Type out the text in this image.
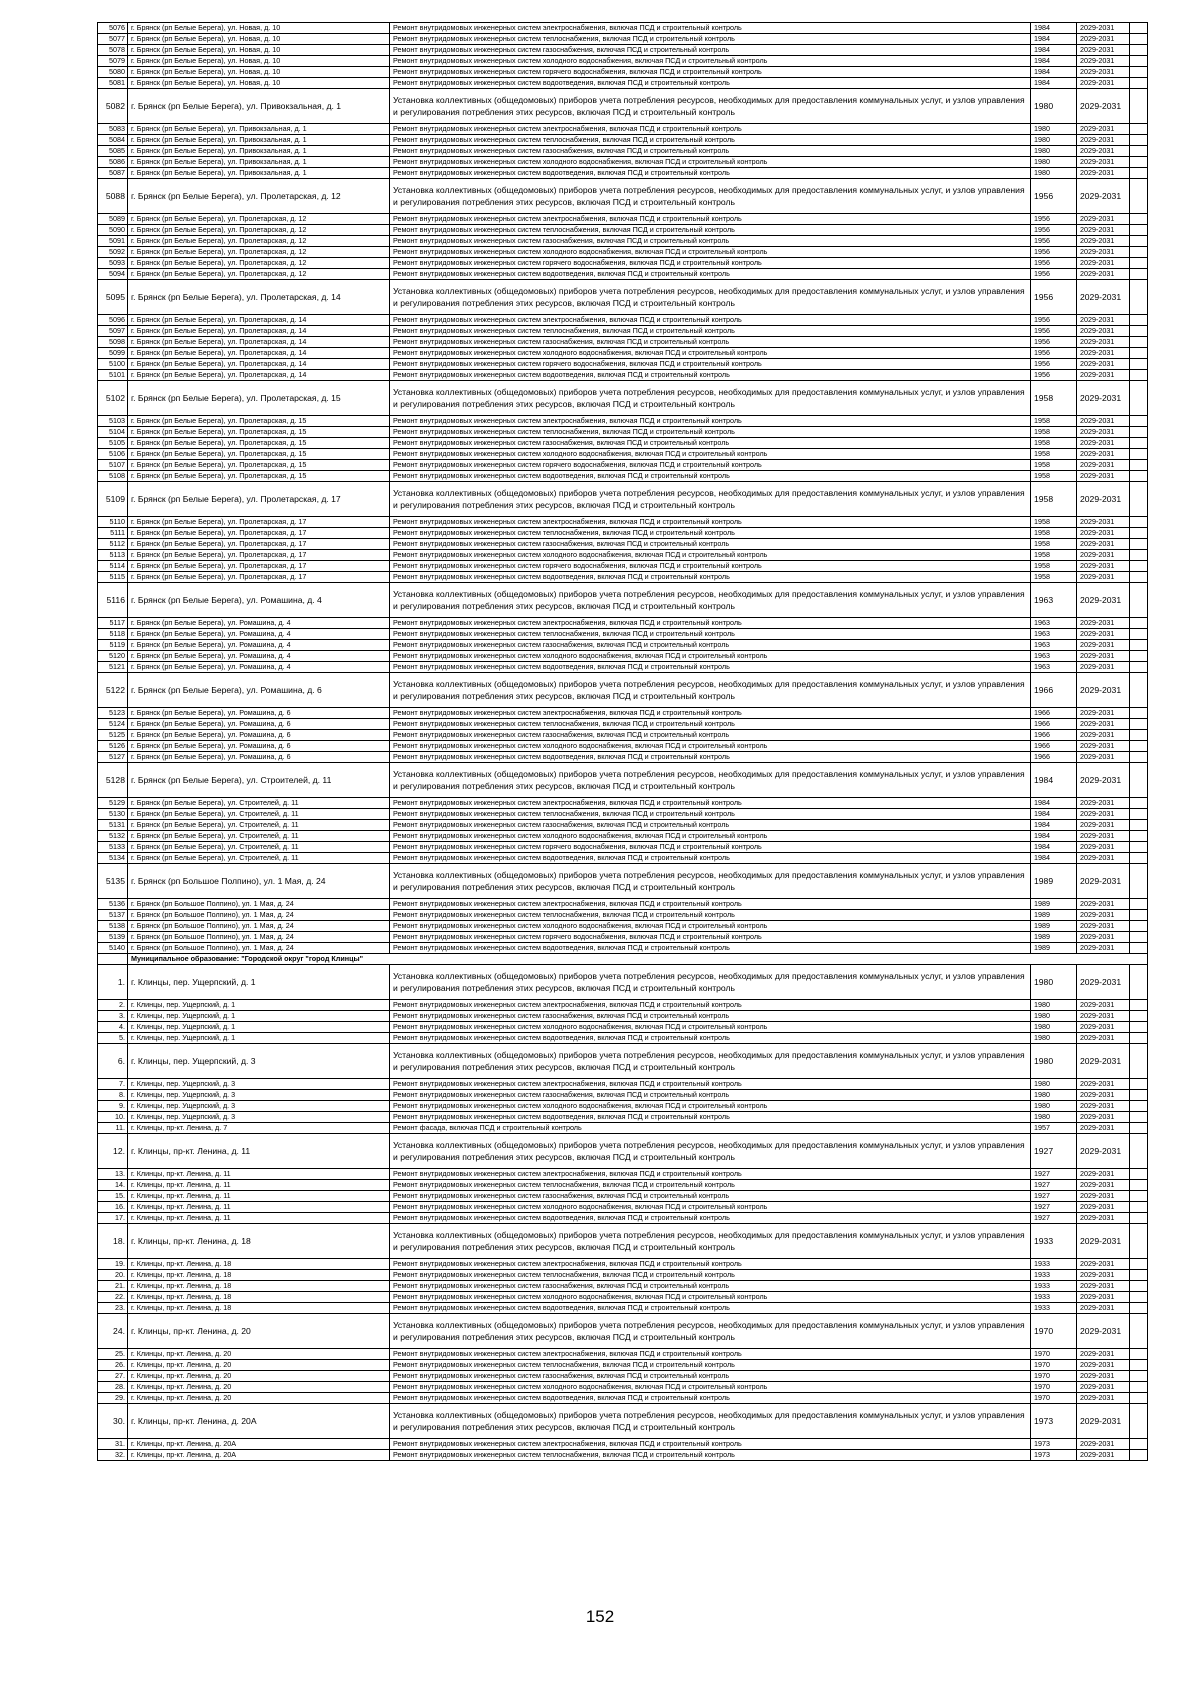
5076	г. Брянск (рп Белые Берега), ул. Новая, д. 10	Ремонт внутридомовых инженерных систем электроснабжения, включая ПСД и строительный контроль	1984	2029-2031	
5077	г. Брянск (рп Белые Берега), ул. Новая, д. 10	Ремонт внутридомовых инженерных систем теплоснабжения, включая ПСД и строительный контроль	1984	2029-2031	
5078	г. Брянск (рп Белые Берега), ул. Новая, д. 10	Ремонт внутридомовых инженерных систем газоснабжения, включая ПСД и строительный контроль	1984	2029-2031	
5079	г. Брянск (рп Белые Берега), ул. Новая, д. 10	Ремонт внутридомовых инженерных систем холодного водоснабжения, включая ПСД и строительный контроль	1984	2029-2031	
5080	г. Брянск (рп Белые Берега), ул. Новая, д. 10	Ремонт внутридомовых инженерных систем горячего водоснабжения, включая ПСД и строительный контроль	1984	2029-2031	
5081	г. Брянск (рп Белые Берега), ул. Новая, д. 10	Ремонт внутридомовых инженерных систем водоотведения, включая ПСД и строительный контроль	1984	2029-2031	
5082	г. Брянск (рп Белые Берега), ул. Привокзальная, д. 1	Установка коллективных (общедомовых) приборов учета потребления ресурсов, необходимых для предоставления коммунальных услуг, и узлов управления и регулирования потребления этих ресурсов, включая ПСД и строительный контроль	1980	2029-2031	
5083	г. Брянск (рп Белые Берега), ул. Привокзальная, д. 1	Ремонт внутридомовых инженерных систем электроснабжения, включая ПСД и строительный контроль	1980	2029-2031	
5084	г. Брянск (рп Белые Берега), ул. Привокзальная, д. 1	Ремонт внутридомовых инженерных систем теплоснабжения, включая ПСД и строительный контроль	1980	2029-2031	
5085	г. Брянск (рп Белые Берега), ул. Привокзальная, д. 1	Ремонт внутридомовых инженерных систем газоснабжения, включая ПСД и строительный контроль	1980	2029-2031	
5086	г. Брянск (рп Белые Берега), ул. Привокзальная, д. 1	Ремонт внутридомовых инженерных систем холодного водоснабжения, включая ПСД и строительный контроль	1980	2029-2031	
5087	г. Брянск (рп Белые Берега), ул. Привокзальная, д. 1	Ремонт внутридомовых инженерных систем водоотведения, включая ПСД и строительный контроль	1980	2029-2031	
5088	г. Брянск (рп Белые Берега), ул. Пролетарская, д. 12	Установка коллективных (общедомовых) приборов учета потребления ресурсов, необходимых для предоставления коммунальных услуг, и узлов управления и регулирования потребления этих ресурсов, включая ПСД и строительный контроль	1956	2029-2031	
5089	г. Брянск (рп Белые Берега), ул. Пролетарская, д. 12	Ремонт внутридомовых инженерных систем электроснабжения, включая ПСД и строительный контроль	1956	2029-2031	
5090	г. Брянск (рп Белые Берега), ул. Пролетарская, д. 12	Ремонт внутридомовых инженерных систем теплоснабжения, включая ПСД и строительный контроль	1956	2029-2031	
5091	г. Брянск (рп Белые Берега), ул. Пролетарская, д. 12	Ремонт внутридомовых инженерных систем газоснабжения, включая ПСД и строительный контроль	1956	2029-2031	
5092	г. Брянск (рп Белые Берега), ул. Пролетарская, д. 12	Ремонт внутридомовых инженерных систем холодного водоснабжения, включая ПСД и строительный контроль	1956	2029-2031	
5093	г. Брянск (рп Белые Берега), ул. Пролетарская, д. 12	Ремонт внутридомовых инженерных систем горячего водоснабжения, включая ПСД и строительный контроль	1956	2029-2031	
5094	г. Брянск (рп Белые Берега), ул. Пролетарская, д. 12	Ремонт внутридомовых инженерных систем водоотведения, включая ПСД и строительный контроль	1956	2029-2031	
5095	г. Брянск (рп Белые Берега), ул. Пролетарская, д. 14	Установка коллективных (общедомовых) приборов учета потребления ресурсов, необходимых для предоставления коммунальных услуг, и узлов управления и регулирования потребления этих ресурсов, включая ПСД и строительный контроль	1956	2029-2031	
5096	г. Брянск (рп Белые Берега), ул. Пролетарская, д. 14	Ремонт внутридомовых инженерных систем электроснабжения, включая ПСД и строительный контроль	1956	2029-2031	
5097	г. Брянск (рп Белые Берега), ул. Пролетарская, д. 14	Ремонт внутридомовых инженерных систем теплоснабжения, включая ПСД и строительный контроль	1956	2029-2031	
5098	г. Брянск (рп Белые Берега), ул. Пролетарская, д. 14	Ремонт внутридомовых инженерных систем газоснабжения, включая ПСД и строительный контроль	1956	2029-2031	
5099	г. Брянск (рп Белые Берега), ул. Пролетарская, д. 14	Ремонт внутридомовых инженерных систем холодного водоснабжения, включая ПСД и строительный контроль	1956	2029-2031	
5100	г. Брянск (рп Белые Берега), ул. Пролетарская, д. 14	Ремонт внутридомовых инженерных систем горячего водоснабжения, включая ПСД и строительный контроль	1956	2029-2031	
5101	г. Брянск (рп Белые Берега), ул. Пролетарская, д. 14	Ремонт внутридомовых инженерных систем водоотведения, включая ПСД и строительный контроль	1956	2029-2031	
5102	г. Брянск (рп Белые Берега), ул. Пролетарская, д. 15	Установка коллективных (общедомовых) приборов учета потребления ресурсов, необходимых для предоставления коммунальных услуг, и узлов управления и регулирования потребления этих ресурсов, включая ПСД и строительный контроль	1958	2029-2031	
5103	г. Брянск (рп Белые Берега), ул. Пролетарская, д. 15	Ремонт внутридомовых инженерных систем электроснабжения, включая ПСД и строительный контроль	1958	2029-2031	
5104	г. Брянск (рп Белые Берега), ул. Пролетарская, д. 15	Ремонт внутридомовых инженерных систем теплоснабжения, включая ПСД и строительный контроль	1958	2029-2031	
5105	г. Брянск (рп Белые Берега), ул. Пролетарская, д. 15	Ремонт внутридомовых инженерных систем газоснабжения, включая ПСД и строительный контроль	1958	2029-2031	
5106	г. Брянск (рп Белые Берега), ул. Пролетарская, д. 15	Ремонт внутридомовых инженерных систем холодного водоснабжения, включая ПСД и строительный контроль	1958	2029-2031	
5107	г. Брянск (рп Белые Берега), ул. Пролетарская, д. 15	Ремонт внутридомовых инженерных систем горячего водоснабжения, включая ПСД и строительный контроль	1958	2029-2031	
5108	г. Брянск (рп Белые Берега), ул. Пролетарская, д. 15	Ремонт внутридомовых инженерных систем водоотведения, включая ПСД и строительный контроль	1958	2029-2031	
5109	г. Брянск (рп Белые Берега), ул. Пролетарская, д. 17	Установка коллективных (общедомовых) приборов учета потребления ресурсов, необходимых для предоставления коммунальных услуг, и узлов управления и регулирования потребления этих ресурсов, включая ПСД и строительный контроль	1958	2029-2031	
5110	г. Брянск (рп Белые Берега), ул. Пролетарская, д. 17	Ремонт внутридомовых инженерных систем электроснабжения, включая ПСД и строительный контроль	1958	2029-2031	
5111	г. Брянск (рп Белые Берега), ул. Пролетарская, д. 17	Ремонт внутридомовых инженерных систем теплоснабжения, включая ПСД и строительный контроль	1958	2029-2031	
5112	г. Брянск (рп Белые Берега), ул. Пролетарская, д. 17	Ремонт внутридомовых инженерных систем газоснабжения, включая ПСД и строительный контроль	1958	2029-2031	
5113	г. Брянск (рп Белые Берега), ул. Пролетарская, д. 17	Ремонт внутридомовых инженерных систем холодного водоснабжения, включая ПСД и строительный контроль	1958	2029-2031	
5114	г. Брянск (рп Белые Берега), ул. Пролетарская, д. 17	Ремонт внутридомовых инженерных систем горячего водоснабжения, включая ПСД и строительный контроль	1958	2029-2031	
5115	г. Брянск (рп Белые Берега), ул. Пролетарская, д. 17	Ремонт внутридомовых инженерных систем водоотведения, включая ПСД и строительный контроль	1958	2029-2031	
5116	г. Брянск (рп Белые Берега), ул. Ромашина, д. 4	Установка коллективных (общедомовых) приборов учета потребления ресурсов, необходимых для предоставления коммунальных услуг, и узлов управления и регулирования потребления этих ресурсов, включая ПСД и строительный контроль	1963	2029-2031	
5117	г. Брянск (рп Белые Берега), ул. Ромашина, д. 4	Ремонт внутридомовых инженерных систем электроснабжения, включая ПСД и строительный контроль	1963	2029-2031	
5118	г. Брянск (рп Белые Берега), ул. Ромашина, д. 4	Ремонт внутридомовых инженерных систем теплоснабжения, включая ПСД и строительный контроль	1963	2029-2031	
5119	г. Брянск (рп Белые Берега), ул. Ромашина, д. 4	Ремонт внутридомовых инженерных систем газоснабжения, включая ПСД и строительный контроль	1963	2029-2031	
5120	г. Брянск (рп Белые Берега), ул. Ромашина, д. 4	Ремонт внутридомовых инженерных систем холодного водоснабжения, включая ПСД и строительный контроль	1963	2029-2031	
5121	г. Брянск (рп Белые Берега), ул. Ромашина, д. 4	Ремонт внутридомовых инженерных систем водоотведения, включая ПСД и строительный контроль	1963	2029-2031	
5122	г. Брянск (рп Белые Берега), ул. Ромашина, д. 6	Установка коллективных (общедомовых) приборов учета потребления ресурсов, необходимых для предоставления коммунальных услуг, и узлов управления и регулирования потребления этих ресурсов, включая ПСД и строительный контроль	1966	2029-2031	
5123	г. Брянск (рп Белые Берега), ул. Ромашина, д. 6	Ремонт внутридомовых инженерных систем электроснабжения, включая ПСД и строительный контроль	1966	2029-2031	
5124	г. Брянск (рп Белые Берега), ул. Ромашина, д. 6	Ремонт внутридомовых инженерных систем теплоснабжения, включая ПСД и строительный контроль	1966	2029-2031	
5125	г. Брянск (рп Белые Берега), ул. Ромашина, д. 6	Ремонт внутридомовых инженерных систем газоснабжения, включая ПСД и строительный контроль	1966	2029-2031	
5126	г. Брянск (рп Белые Берега), ул. Ромашина, д. 6	Ремонт внутридомовых инженерных систем холодного водоснабжения, включая ПСД и строительный контроль	1966	2029-2031	
5127	г. Брянск (рп Белые Берега), ул. Ромашина, д. 6	Ремонт внутридомовых инженерных систем водоотведения, включая ПСД и строительный контроль	1966	2029-2031	
5128	г. Брянск (рп Белые Берега), ул. Строителей, д. 11	Установка коллективных (общедомовых) приборов учета потребления ресурсов, необходимых для предоставления коммунальных услуг, и узлов управления и регулирования потребления этих ресурсов, включая ПСД и строительный контроль	1984	2029-2031	
5129	г. Брянск (рп Белые Берега), ул. Строителей, д. 11	Ремонт внутридомовых инженерных систем электроснабжения, включая ПСД и строительный контроль	1984	2029-2031	
5130	г. Брянск (рп Белые Берега), ул. Строителей, д. 11	Ремонт внутридомовых инженерных систем теплоснабжения, включая ПСД и строительный контроль	1984	2029-2031	
5131	г. Брянск (рп Белые Берега), ул. Строителей, д. 11	Ремонт внутридомовых инженерных систем газоснабжения, включая ПСД и строительный контроль	1984	2029-2031	
5132	г. Брянск (рп Белые Берега), ул. Строителей, д. 11	Ремонт внутридомовых инженерных систем холодного водоснабжения, включая ПСД и строительный контроль	1984	2029-2031	
5133	г. Брянск (рп Белые Берега), ул. Строителей, д. 11	Ремонт внутридомовых инженерных систем горячего водоснабжения, включая ПСД и строительный контроль	1984	2029-2031	
5134	г. Брянск (рп Белые Берега), ул. Строителей, д. 11	Ремонт внутридомовых инженерных систем водоотведения, включая ПСД и строительный контроль	1984	2029-2031	
5135	г. Брянск (рп Большое Полпино), ул. 1 Мая, д. 24	Установка коллективных (общедомовых) приборов учета потребления ресурсов, необходимых для предоставления коммунальных услуг, и узлов управления и регулирования потребления этих ресурсов, включая ПСД и строительный контроль	1989	2029-2031	
5136	г. Брянск (рп Большое Полпино), ул. 1 Мая, д. 24	Ремонт внутридомовых инженерных систем электроснабжения, включая ПСД и строительный контроль	1989	2029-2031	
5137	г. Брянск (рп Большое Полпино), ул. 1 Мая, д. 24	Ремонт внутридомовых инженерных систем теплоснабжения, включая ПСД и строительный контроль	1989	2029-2031	
5138	г. Брянск (рп Большое Полпино), ул. 1 Мая, д. 24	Ремонт внутридомовых инженерных систем холодного водоснабжения, включая ПСД и строительный контроль	1989	2029-2031	
5139	г. Брянск (рп Большое Полпино), ул. 1 Мая, д. 24	Ремонт внутридомовых инженерных систем горячего водоснабжения, включая ПСД и строительный контроль	1989	2029-2031	
5140	г. Брянск (рп Большое Полпино), ул. 1 Мая, д. 24	Ремонт внутридомовых инженерных систем водоотведения, включая ПСД и строительный контроль	1989	2029-2031	
	Муниципальное образование: "Городской округ "город Клинцы"				
1.	г. Клинцы, пер. Ущерпский, д. 1	Установка коллективных (общедомовых) приборов учета потребления ресурсов, необходимых для предоставления коммунальных услуг, и узлов управления и регулирования потребления этих ресурсов, включая ПСД и строительный контроль	1980	2029-2031	
2.	г. Клинцы, пер. Ущерпский, д. 1	Ремонт внутридомовых инженерных систем электроснабжения, включая ПСД и строительный контроль	1980	2029-2031	
3.	г. Клинцы, пер. Ущерпский, д. 1	Ремонт внутридомовых инженерных систем газоснабжения, включая ПСД и строительный контроль	1980	2029-2031	
4.	г. Клинцы, пер. Ущерпский, д. 1	Ремонт внутридомовых инженерных систем холодного водоснабжения, включая ПСД и строительный контроль	1980	2029-2031	
5.	г. Клинцы, пер. Ущерпский, д. 1	Ремонт внутридомовых инженерных систем водоотведения, включая ПСД и строительный контроль	1980	2029-2031	
6.	г. Клинцы, пер. Ущерпский, д. 3	Установка коллективных (общедомовых) приборов учета потребления ресурсов, необходимых для предоставления коммунальных услуг, и узлов управления и регулирования потребления этих ресурсов, включая ПСД и строительный контроль	1980	2029-2031	
7.	г. Клинцы, пер. Ущерпский, д. 3	Ремонт внутридомовых инженерных систем электроснабжения, включая ПСД и строительный контроль	1980	2029-2031	
8.	г. Клинцы, пер. Ущерпский, д. 3	Ремонт внутридомовых инженерных систем газоснабжения, включая ПСД и строительный контроль	1980	2029-2031	
9.	г. Клинцы, пер. Ущерпский, д. 3	Ремонт внутридомовых инженерных систем холодного водоснабжения, включая ПСД и строительный контроль	1980	2029-2031	
10.	г. Клинцы, пер. Ущерпский, д. 3	Ремонт внутридомовых инженерных систем водоотведения, включая ПСД и строительный контроль	1980	2029-2031	
11.	г. Клинцы, пр-кт. Ленина, д. 7	Ремонт фасада, включая ПСД и строительный контроль	1957	2029-2031	
12.	г. Клинцы, пр-кт. Ленина, д. 11	Установка коллективных (общедомовых) приборов учета потребления ресурсов, необходимых для предоставления коммунальных услуг, и узлов управления и регулирования потребления этих ресурсов, включая ПСД и строительный контроль	1927	2029-2031	
13.	г. Клинцы, пр-кт. Ленина, д. 11	Ремонт внутридомовых инженерных систем электроснабжения, включая ПСД и строительный контроль	1927	2029-2031	
14.	г. Клинцы, пр-кт. Ленина, д. 11	Ремонт внутридомовых инженерных систем теплоснабжения, включая ПСД и строительный контроль	1927	2029-2031	
15.	г. Клинцы, пр-кт. Ленина, д. 11	Ремонт внутридомовых инженерных систем газоснабжения, включая ПСД и строительный контроль	1927	2029-2031	
16.	г. Клинцы, пр-кт. Ленина, д. 11	Ремонт внутридомовых инженерных систем холодного водоснабжения, включая ПСД и строительный контроль	1927	2029-2031	
17.	г. Клинцы, пр-кт. Ленина, д. 11	Ремонт внутридомовых инженерных систем водоотведения, включая ПСД и строительный контроль	1927	2029-2031	
18.	г. Клинцы, пр-кт. Ленина, д. 18	Установка коллективных (общедомовых) приборов учета потребления ресурсов, необходимых для предоставления коммунальных услуг, и узлов управления и регулирования потребления этих ресурсов, включая ПСД и строительный контроль	1933	2029-2031	
19.	г. Клинцы, пр-кт. Ленина, д. 18	Ремонт внутридомовых инженерных систем электроснабжения, включая ПСД и строительный контроль	1933	2029-2031	
20.	г. Клинцы, пр-кт. Ленина, д. 18	Ремонт внутридомовых инженерных систем теплоснабжения, включая ПСД и строительный контроль	1933	2029-2031	
21.	г. Клинцы, пр-кт. Ленина, д. 18	Ремонт внутридомовых инженерных систем газоснабжения, включая ПСД и строительный контроль	1933	2029-2031	
22.	г. Клинцы, пр-кт. Ленина, д. 18	Ремонт внутридомовых инженерных систем холодного водоснабжения, включая ПСД и строительный контроль	1933	2029-2031	
23.	г. Клинцы, пр-кт. Ленина, д. 18	Ремонт внутридомовых инженерных систем водоотведения, включая ПСД и строительный контроль	1933	2029-2031	
24.	г. Клинцы, пр-кт. Ленина, д. 20	Установка коллективных (общедомовых) приборов учета потребления ресурсов, необходимых для предоставления коммунальных услуг, и узлов управления и регулирования потребления этих ресурсов, включая ПСД и строительный контроль	1970	2029-2031	
25.	г. Клинцы, пр-кт. Ленина, д. 20	Ремонт внутридомовых инженерных систем электроснабжения, включая ПСД и строительный контроль	1970	2029-2031	
26.	г. Клинцы, пр-кт. Ленина, д. 20	Ремонт внутридомовых инженерных систем теплоснабжения, включая ПСД и строительный контроль	1970	2029-2031	
27.	г. Клинцы, пр-кт. Ленина, д. 20	Ремонт внутридомовых инженерных систем газоснабжения, включая ПСД и строительный контроль	1970	2029-2031	
28.	г. Клинцы, пр-кт. Ленина, д. 20	Ремонт внутридомовых инженерных систем холодного водоснабжения, включая ПСД и строительный контроль	1970	2029-2031	
29.	г. Клинцы, пр-кт. Ленина, д. 20	Ремонт внутридомовых инженерных систем водоотведения, включая ПСД и строительный контроль	1970	2029-2031	
30.	г. Клинцы, пр-кт. Ленина, д. 20А	Установка коллективных (общедомовых) приборов учета потребления ресурсов, необходимых для предоставления коммунальных услуг, и узлов управления и регулирования потребления этих ресурсов, включая ПСД и строительный контроль	1973	2029-2031	
31.	г. Клинцы, пр-кт. Ленина, д. 20А	Ремонт внутридомовых инженерных систем электроснабжения, включая ПСД и строительный контроль	1973	2029-2031	
32.	г. Клинцы, пр-кт. Ленина, д. 20А	Ремонт внутридомовых инженерных систем теплоснабжения, включая ПСД и строительный контроль	1973	2029-2031	
152
